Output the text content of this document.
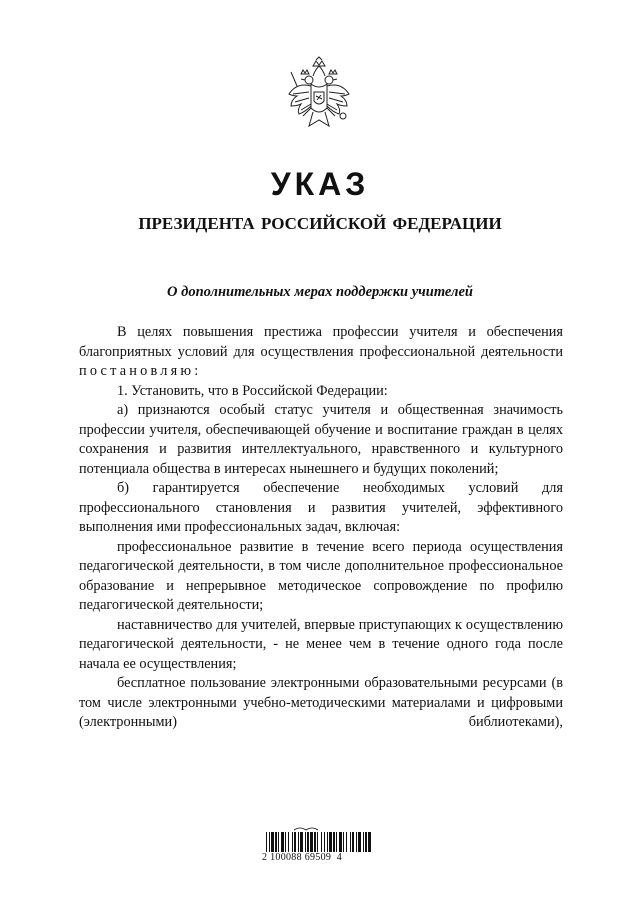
УКАЗ
ПРЕЗИДЕНТА РОССИЙСКОЙ ФЕДЕРАЦИИ
О дополнительных мерах поддержки учителей

В целях повышения престижа профессии учителя и обеспечения благоприятных условий для осуществления профессиональной деятельности постановляю:

1. Установить, что в Российской Федерации:

а) признаются особый статус учителя и общественная значимость профессии учителя, обеспечивающей обучение и воспитание граждан в целях сохранения и развития интеллектуального, нравственного и культурного потенциала общества в интересах нынешнего и будущих поколений;

б) гарантируется обеспечение необходимых условий для профессионального становления и развития учителей, эффективного выполнения ими профессиональных задач, включая:

профессиональное развитие в течение всего периода осуществления педагогической деятельности, в том числе дополнительное профессиональное образование и непрерывное методическое сопровождение по профилю педагогической деятельности;

наставничество для учителей, впервые приступающих к осуществлению педагогической деятельности, - не менее чем в течение одного года после начала ее осуществления;

бесплатное пользование электронными образовательными ресурсами (в том числе электронными учебно-методическими материалами и цифровыми (электронными) библиотеками),

2 100088 69509  4
